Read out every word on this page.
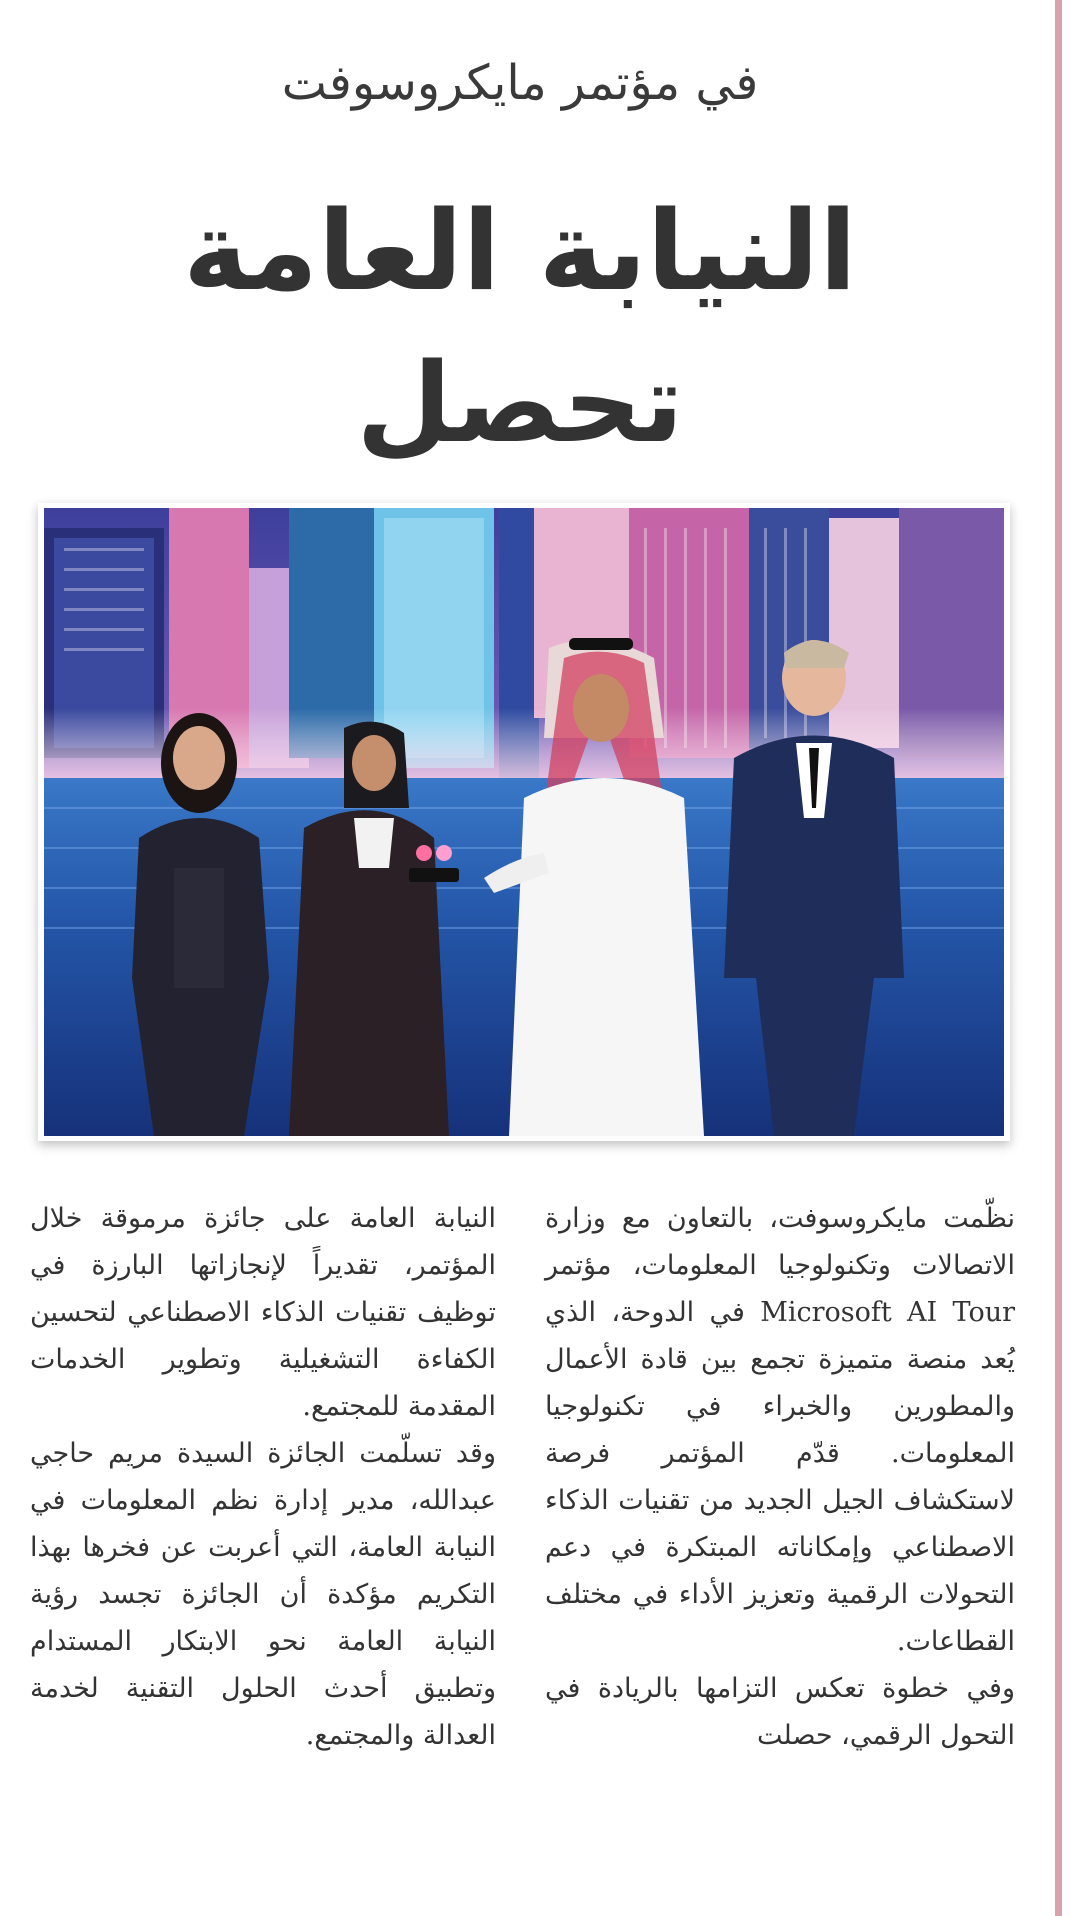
في مؤتمر مايكروسوفت
النيابة العامة تحصل

نظّمت مايكروسوفت، بالتعاون مع وزارة الاتصالات وتكنولوجيا المعلومات، مؤتمر Microsoft AI Tour في الدوحة، الذي يُعد منصة متميزة تجمع بين قادة الأعمال والمطورين والخبراء في تكنولوجيا المعلومات. قدّم المؤتمر فرصة لاستكشاف الجيل الجديد من تقنيات الذكاء الاصطناعي وإمكاناته المبتكرة في دعم التحولات الرقمية وتعزيز الأداء في مختلف القطاعات.

وفي خطوة تعكس التزامها بالريادة في التحول الرقمي، حصلت

النيابة العامة على جائزة مرموقة خلال المؤتمر، تقديراً لإنجازاتها البارزة في توظيف تقنيات الذكاء الاصطناعي لتحسين الكفاءة التشغيلية وتطوير الخدمات المقدمة للمجتمع.

وقد تسلّمت الجائزة السيدة مريم حاجي عبدالله، مدير إدارة نظم المعلومات في النيابة العامة، التي أعربت عن فخرها بهذا التكريم مؤكدة أن الجائزة تجسد رؤية النيابة العامة نحو الابتكار المستدام وتطبيق أحدث الحلول التقنية لخدمة العدالة والمجتمع.
